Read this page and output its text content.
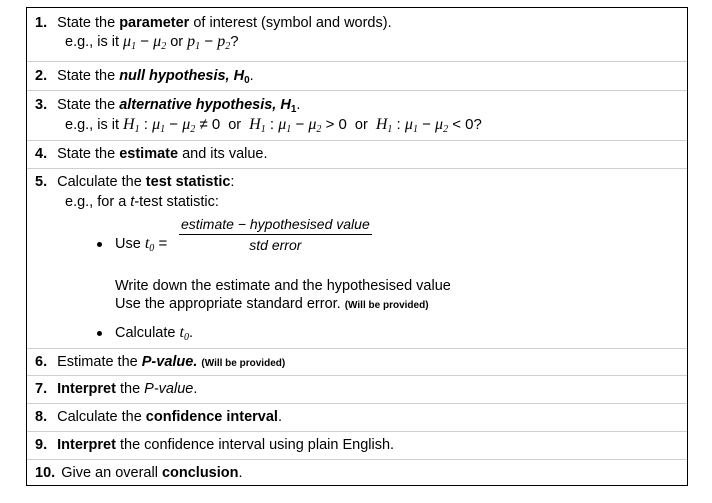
1. State the parameter of interest (symbol and words).
e.g., is it $\mu_1 - \mu_2$ or $p_1 - p_2$?
2. State the null hypothesis, $H_0$.
3. State the alternative hypothesis, $H_1$.
e.g., is it $H_1$ : $\mu_1 - \mu_2 \ne 0$ or $H_1$ : $\mu_1 - \mu_2 > 0$ or $H_1$ : $\mu_1 - \mu_2 < 0$?
4. State the estimate and its value.
5. Calculate the test statistic:
e.g., for a t-test statistic:
Use $t_0$ =
estimate − hypothesised value
std error
Write down the estimate and the hypothesised value
Use the appropriate standard error. (Will be provided)
Calculate $t_0$.
6. Estimate the P-value. (Will be provided)
7. Interpret the P-value.
8. Calculate the confidence interval.
9. Interpret the confidence interval using plain English.
10. Give an overall conclusion.
